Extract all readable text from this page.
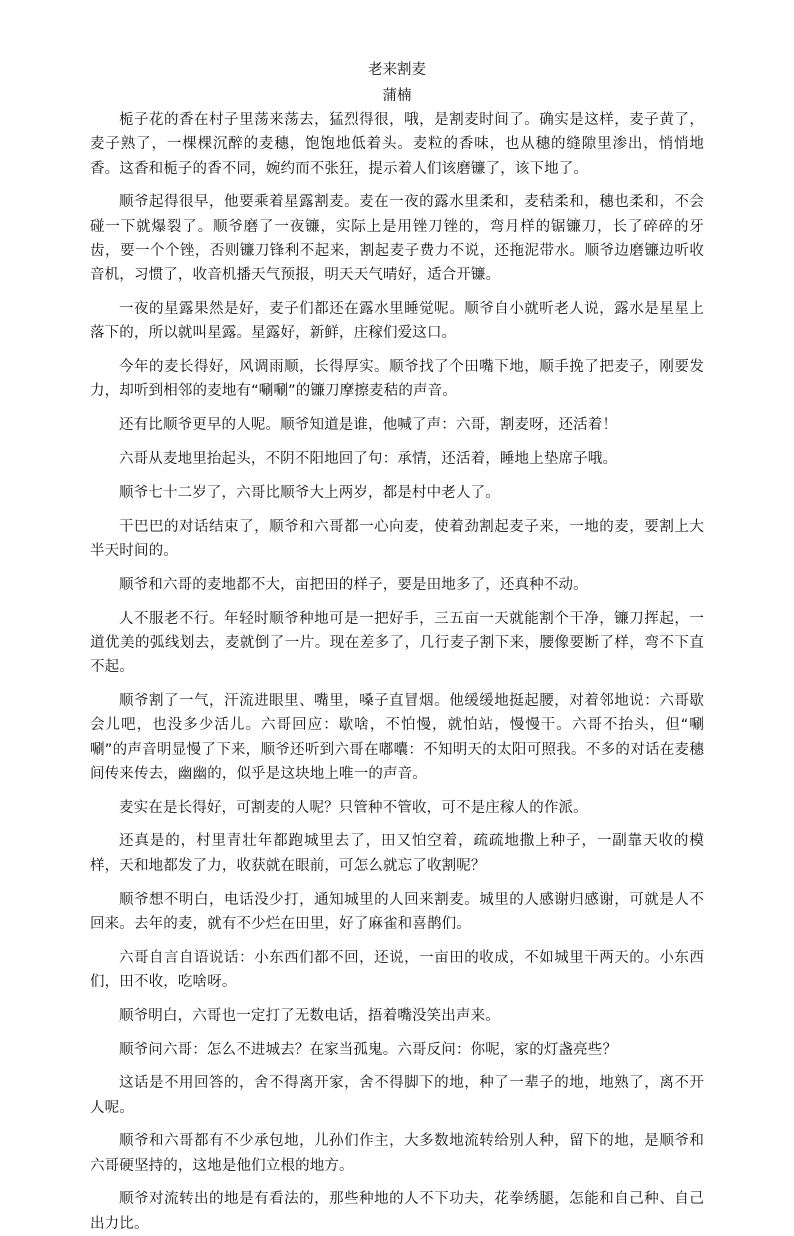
老来割麦
蒲楠

栀子花的香在村子里荡来荡去，猛烈得很，哦，是割麦时间了。确实是这样，麦子黄了，麦子熟了，一棵棵沉醉的麦穗，饱饱地低着头。麦粒的香味，也从穗的缝隙里渗出，悄悄地香。这香和栀子的香不同，婉约而不张狂，提示着人们该磨镰了，该下地了。

顺爷起得很早，他要乘着星露割麦。麦在一夜的露水里柔和，麦秸柔和，穗也柔和，不会碰一下就爆裂了。顺爷磨了一夜镰，实际上是用锉刀锉的，弯月样的锯镰刀，长了碎碎的牙齿，要一个个锉，否则镰刀锋利不起来，割起麦子费力不说，还拖泥带水。顺爷边磨镰边听收音机，习惯了，收音机播天气预报，明天天气晴好，适合开镰。

一夜的星露果然是好，麦子们都还在露水里睡觉呢。顺爷自小就听老人说，露水是星星上落下的，所以就叫星露。星露好，新鲜，庄稼们爱这口。

今年的麦长得好，风调雨顺，长得厚实。顺爷找了个田嘴下地，顺手挽了把麦子，刚要发力，却听到相邻的麦地有“唰唰”的镰刀摩擦麦秸的声音。

还有比顺爷更早的人呢。顺爷知道是谁，他喊了声：六哥，割麦呀，还活着！

六哥从麦地里抬起头，不阴不阳地回了句：承情，还活着，睡地上垫席子哦。

顺爷七十二岁了，六哥比顺爷大上两岁，都是村中老人了。

干巴巴的对话结束了，顺爷和六哥都一心向麦，使着劲割起麦子来，一地的麦，要割上大半天时间的。

顺爷和六哥的麦地都不大，亩把田的样子，要是田地多了，还真种不动。

人不服老不行。年轻时顺爷种地可是一把好手，三五亩一天就能割个干净，镰刀挥起，一道优美的弧线划去，麦就倒了一片。现在差多了，几行麦子割下来，腰像要断了样，弯不下直不起。

顺爷割了一气，汗流进眼里、嘴里，嗓子直冒烟。他缓缓地挺起腰，对着邻地说：六哥歇会儿吧，也没多少活儿。六哥回应：歇啥，不怕慢，就怕站，慢慢干。六哥不抬头，但“唰唰”的声音明显慢了下来，顺爷还听到六哥在嘟囔：不知明天的太阳可照我。不多的对话在麦穗间传来传去，幽幽的，似乎是这块地上唯一的声音。

麦实在是长得好，可割麦的人呢？只管种不管收，可不是庄稼人的作派。

还真是的，村里青壮年都跑城里去了，田又怕空着，疏疏地撒上种子，一副靠天收的模样，天和地都发了力，收获就在眼前，可怎么就忘了收割呢？

顺爷想不明白，电话没少打，通知城里的人回来割麦。城里的人感谢归感谢，可就是人不回来。去年的麦，就有不少烂在田里，好了麻雀和喜鹊们。

六哥自言自语说话：小东西们都不回，还说，一亩田的收成，不如城里干两天的。小东西们，田不收，吃啥呀。

顺爷明白，六哥也一定打了无数电话，捂着嘴没笑出声来。

顺爷问六哥：怎么不进城去？在家当孤鬼。六哥反问：你呢，家的灯盏亮些？

这话是不用回答的，舍不得离开家，舍不得脚下的地，种了一辈子的地，地熟了，离不开人呢。

顺爷和六哥都有不少承包地，儿孙们作主，大多数地流转给别人种，留下的地，是顺爷和六哥硬坚持的，这地是他们立根的地方。

顺爷对流转出的地是有看法的，那些种地的人不下功夫，花拳绣腿，怎能和自己种、自己出力比。
